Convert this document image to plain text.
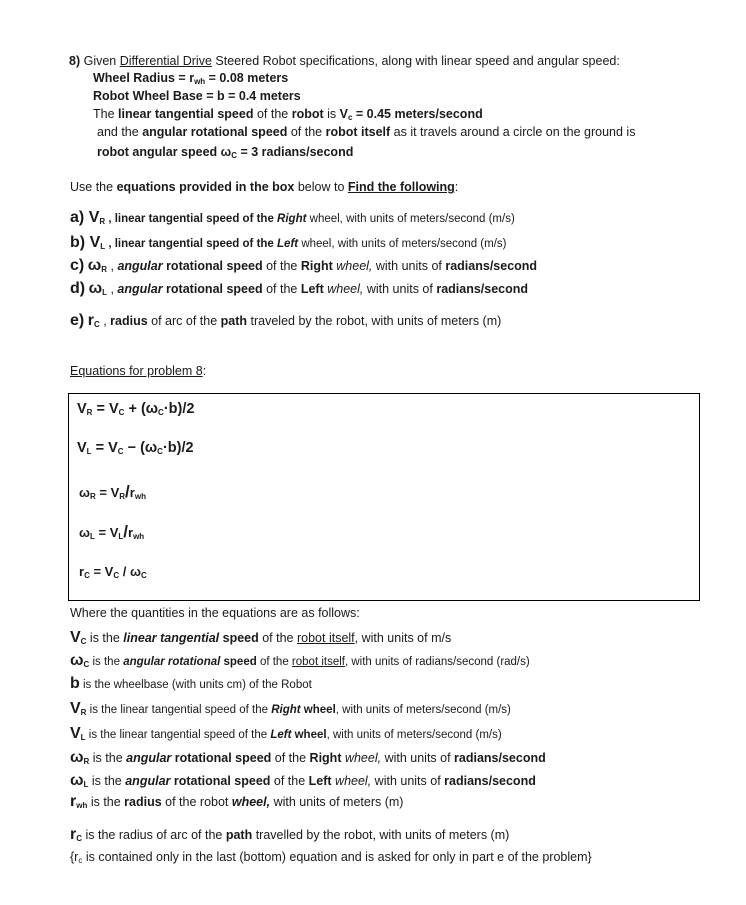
8) Given Differential Drive Steered Robot specifications, along with linear speed and angular speed:
Wheel Radius = $r_{wh} = 0.08$ meters
Robot Wheel Base = b = 0.4 meters
The linear tangential speed of the robot is $V_c = 0.45$ meters/second
and the angular rotational speed of the robot itself as it travels around a circle on the ground is
robot angular speed $\omega_C = 3$ radians/second
Use the equations provided in the box below to Find the following:
a) $V_R$ , linear tangential speed of the Right wheel, with units of meters/second (m/s)
b) $V_L$ , linear tangential speed of the Left wheel, with units of meters/second (m/s)
c) $\omega_R$ , angular rotational speed of the Right wheel, with units of radians/second
d) $\omega_L$ , angular rotational speed of the Left wheel, with units of radians/second
e) $r_C$ , radius of arc of the path traveled by the robot, with units of meters (m)
Equations for problem 8:
$V_R = V_C + (\omega_C\cdot b)/2$
$V_L = V_C - (\omega_C\cdot b)/2$
$\omega_R = V_R/r_{wh}$
$\omega_L = V_L/r_{wh}$
$r_C = V_C / \omega_C$
Where the quantities in the equations are as follows:
$V_C$ is the linear tangential speed of the robot itself, with units of m/s
$\omega_C$ is the angular rotational speed of the robot itself, with units of radians/second (rad/s)
b is the wheelbase (with units cm) of the Robot
$V_R$ is the linear tangential speed of the Right wheel, with units of meters/second (m/s)
$V_L$ is the linear tangential speed of the Left wheel, with units of meters/second (m/s)
$\omega_R$ is the angular rotational speed of the Right wheel, with units of radians/second
$\omega_L$ is the angular rotational speed of the Left wheel, with units of radians/second
$r_{wh}$ is the radius of the robot wheel, with units of meters (m)
$r_C$ is the radius of arc of the path travelled by the robot, with units of meters (m)
{$r_c$ is contained only in the last (bottom) equation and is asked for only in part e of the problem}
